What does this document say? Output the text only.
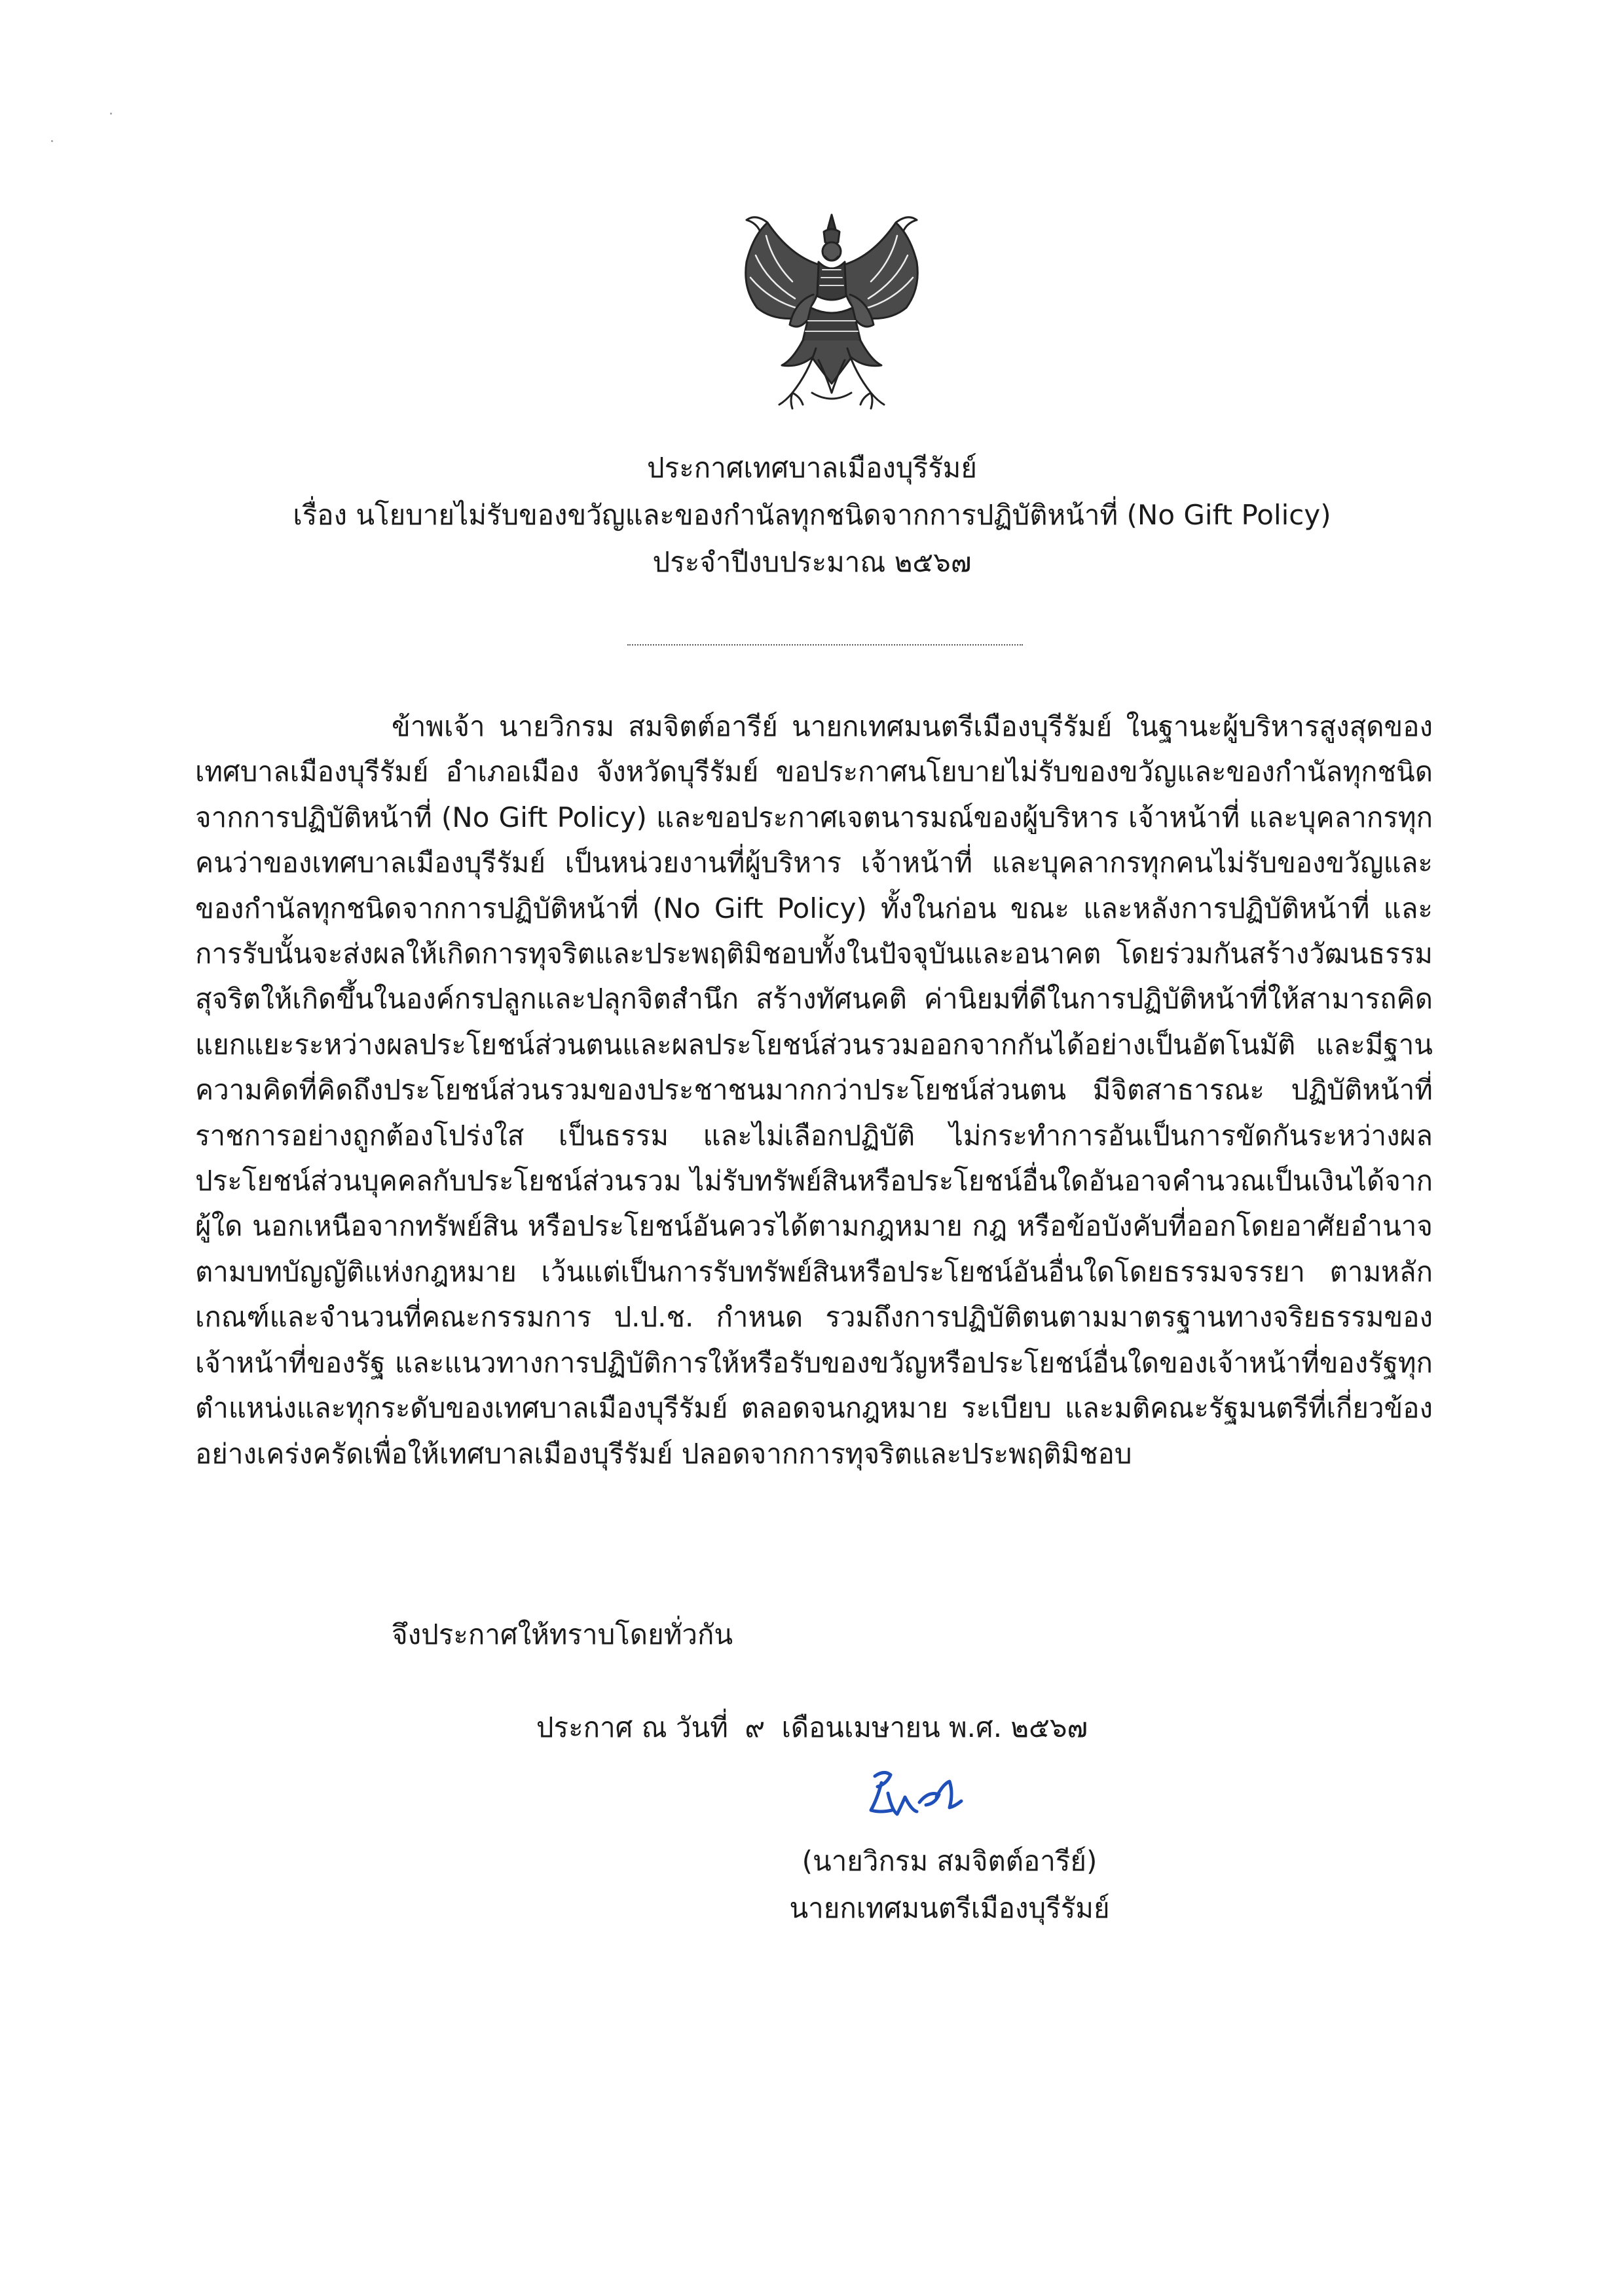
ประกาศเทศบาลเมืองบุรีรัมย์
เรื่อง นโยบายไม่รับของขวัญและของกำนัลทุกชนิดจากการปฏิบัติหน้าที่ (No Gift Policy)
ประจำปีงบประมาณ ๒๕๖๗
ข้าพเจ้า นายวิกรม สมจิตต์อารีย์ นายกเทศมนตรีเมืองบุรีรัมย์ ในฐานะผู้บริหารสูงสุดของเทศบาลเมืองบุรีรัมย์ อำเภอเมือง จังหวัดบุรีรัมย์ ขอประกาศนโยบายไม่รับของขวัญและของกำนัลทุกชนิดจากการปฏิบัติหน้าที่ (No Gift Policy) และขอประกาศเจตนารมณ์ของผู้บริหาร เจ้าหน้าที่ และบุคลากรทุกคนว่าของเทศบาลเมืองบุรีรัมย์ เป็นหน่วยงานที่ผู้บริหาร เจ้าหน้าที่ และบุคลากรทุกคนไม่รับของขวัญและของกำนัลทุกชนิดจากการปฏิบัติหน้าที่ (No Gift Policy) ทั้งในก่อน ขณะ และหลังการปฏิบัติหน้าที่ และการรับนั้นจะส่งผลให้เกิดการทุจริตและประพฤติมิชอบทั้งในปัจจุบันและอนาคต โดยร่วมกันสร้างวัฒนธรรมสุจริตให้เกิดขึ้นในองค์กรปลูกและปลุกจิตสำนึก สร้างทัศนคติ ค่านิยมที่ดีในการปฏิบัติหน้าที่ให้สามารถคิดแยกแยะระหว่างผลประโยชน์ส่วนตนและผลประโยชน์ส่วนรวมออกจากกันได้อย่างเป็นอัตโนมัติ และมีฐานความคิดที่คิดถึงประโยชน์ส่วนรวมของประชาชนมากกว่าประโยชน์ส่วนตน มีจิตสาธารณะ ปฏิบัติหน้าที่ราชการอย่างถูกต้องโปร่งใส เป็นธรรม และไม่เลือกปฏิบัติ ไม่กระทำการอันเป็นการขัดกันระหว่างผลประโยชน์ส่วนบุคคลกับประโยชน์ส่วนรวม ไม่รับทรัพย์สินหรือประโยชน์อื่นใดอันอาจคำนวณเป็นเงินได้จากผู้ใด นอกเหนือจากทรัพย์สิน หรือประโยชน์อันควรได้ตามกฎหมาย กฎ หรือข้อบังคับที่ออกโดยอาศัยอำนาจตามบทบัญญัติแห่งกฎหมาย เว้นแต่เป็นการรับทรัพย์สินหรือประโยชน์อันอื่นใดโดยธรรมจรรยา ตามหลักเกณฑ์และจำนวนที่คณะกรรมการ ป.ป.ช. กำหนด รวมถึงการปฏิบัติตนตามมาตรฐานทางจริยธรรมของเจ้าหน้าที่ของรัฐ และแนวทางการปฏิบัติการให้หรือรับของขวัญหรือประโยชน์อื่นใดของเจ้าหน้าที่ของรัฐทุกตำแหน่งและทุกระดับของเทศบาลเมืองบุรีรัมย์ ตลอดจนกฎหมาย ระเบียบ และมติคณะรัฐมนตรีที่เกี่ยวข้อง อย่างเคร่งครัดเพื่อให้เทศบาลเมืองบุรีรัมย์ ปลอดจากการทุจริตและประพฤติมิชอบ
จึงประกาศให้ทราบโดยทั่วกัน
ประกาศ ณ วันที่ ๙ เดือนเมษายน พ.ศ. ๒๕๖๗
(นายวิกรม สมจิตต์อารีย์)
นายกเทศมนตรีเมืองบุรีรัมย์
